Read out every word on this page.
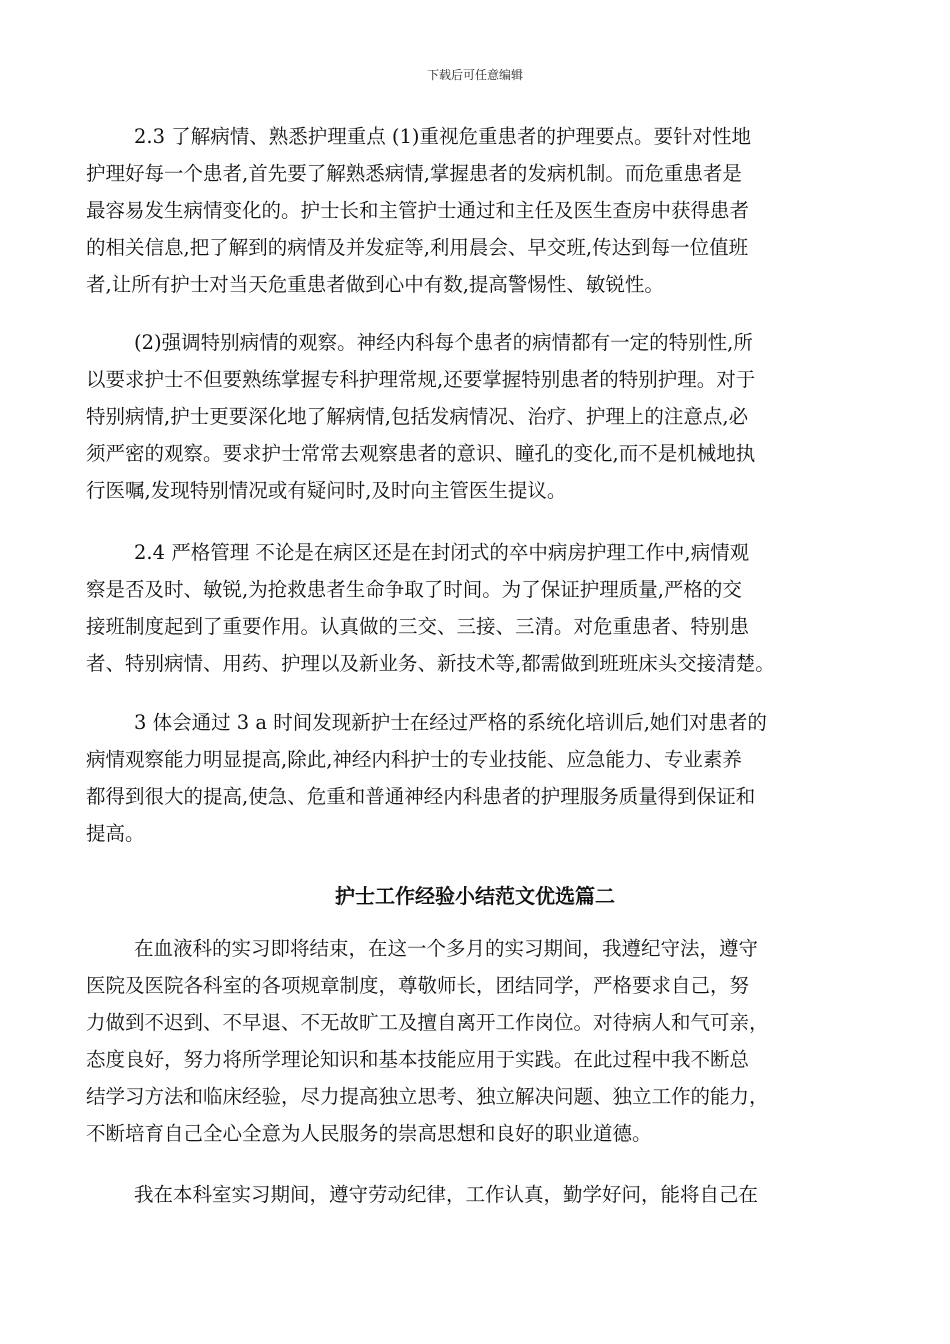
下载后可任意编辑
2.3 了解病情、熟悉护理重点 (1)重视危重患者的护理要点。要针对性地
护理好每一个患者,首先要了解熟悉病情,掌握患者的发病机制。而危重患者是
最容易发生病情变化的。护士长和主管护士通过和主任及医生查房中获得患者
的相关信息,把了解到的病情及并发症等,利用晨会、早交班,传达到每一位值班
者,让所有护士对当天危重患者做到心中有数,提高警惕性、敏锐性。
(2)强调特别病情的观察。神经内科每个患者的病情都有一定的特别性,所
以要求护士不但要熟练掌握专科护理常规,还要掌握特别患者的特别护理。对于
特别病情,护士更要深化地了解病情,包括发病情况、治疗、护理上的注意点,必
须严密的观察。要求护士常常去观察患者的意识、瞳孔的变化,而不是机械地执
行医嘱,发现特别情况或有疑问时,及时向主管医生提议。
2.4 严格管理 不论是在病区还是在封闭式的卒中病房护理工作中,病情观
察是否及时、敏锐,为抢救患者生命争取了时间。为了保证护理质量,严格的交
接班制度起到了重要作用。认真做的三交、三接、三清。对危重患者、特别患
者、特别病情、用药、护理以及新业务、新技术等,都需做到班班床头交接清楚。
3 体会通过 3 a 时间发现新护士在经过严格的系统化培训后,她们对患者的
病情观察能力明显提高,除此,神经内科护士的专业技能、应急能力、专业素养
都得到很大的提高,使急、危重和普通神经内科患者的护理服务质量得到保证和
提高。
护士工作经验小结范文优选篇二
在血液科的实习即将结束，在这一个多月的实习期间，我遵纪守法，遵守
医院及医院各科室的各项规章制度，尊敬师长，团结同学，严格要求自己，努
力做到不迟到、不早退、不无故旷工及擅自离开工作岗位。对待病人和气可亲，
态度良好，努力将所学理论知识和基本技能应用于实践。在此过程中我不断总
结学习方法和临床经验，尽力提高独立思考、独立解决问题、独立工作的能力，
不断培育自己全心全意为人民服务的崇高思想和良好的职业道德。
我在本科室实习期间，遵守劳动纪律，工作认真，勤学好问，能将自己在
